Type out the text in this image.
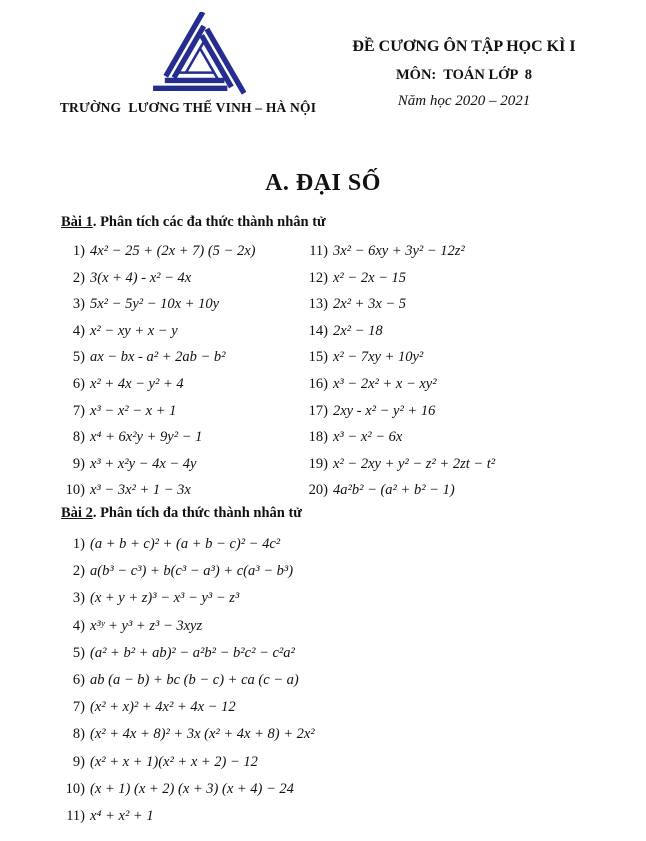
TRƯỜNG  LƯƠNG THẾ VINH – HÀ NỘI
ĐỀ CƯƠNG ÔN TẬP HỌC KÌ I
MÔN:  TOÁN LỚP  8
Năm học 2020 – 2021
A. ĐẠI SỐ
Bài 1. Phân tích các đa thức thành nhân tử
1) 4x² − 25 + (2x + 7) (5 − 2x)	11) 3x² − 6xy + 3y² − 12z²
2) 3(x + 4) - x² − 4x	12) x² − 2x − 15
3) 5x² − 5y² − 10x + 10y	13) 2x² + 3x − 5
4) x² − xy + x − y	14) 2x² − 18
5) ax − bx - a² + 2ab − b²	15) x² − 7xy + 10y²
6) x² + 4x − y² + 4	16) x³ − 2x² + x − xy²
7) x³ − x² − x + 1	17) 2xy - x² − y² + 16
8) x⁴ + 6x²y + 9y² − 1	18) x³ − x² − 6x
9) x³ + x²y − 4x − 4y	19) x² − 2xy + y² − z² + 2zt − t²
10) x³ − 3x² + 1 − 3x	20) 4a²b² − (a² + b² − 1)
Bài 2. Phân tích đa thức thành nhân tử
1) (a + b + c)² + (a + b − c)² − 4c²
2) a(b³ − c³) + b(c³ − a³) + c(a³ − b³)
3) (x + y + z)³ − x³ − y³ − z³
4) x³ʸ + y³ + z³ − 3xyz
5) (a² + b² + ab)² − a²b² − b²c² − c²a²
6) ab (a − b) + bc (b − c) + ca (c − a)
7) (x² + x)² + 4x² + 4x − 12
8) (x² + 4x + 8)² + 3x (x² + 4x + 8) + 2x²
9) (x² + x + 1)(x² + x + 2) − 12
10) (x + 1) (x + 2) (x + 3) (x + 4) − 24
11) x⁴ + x² + 1
